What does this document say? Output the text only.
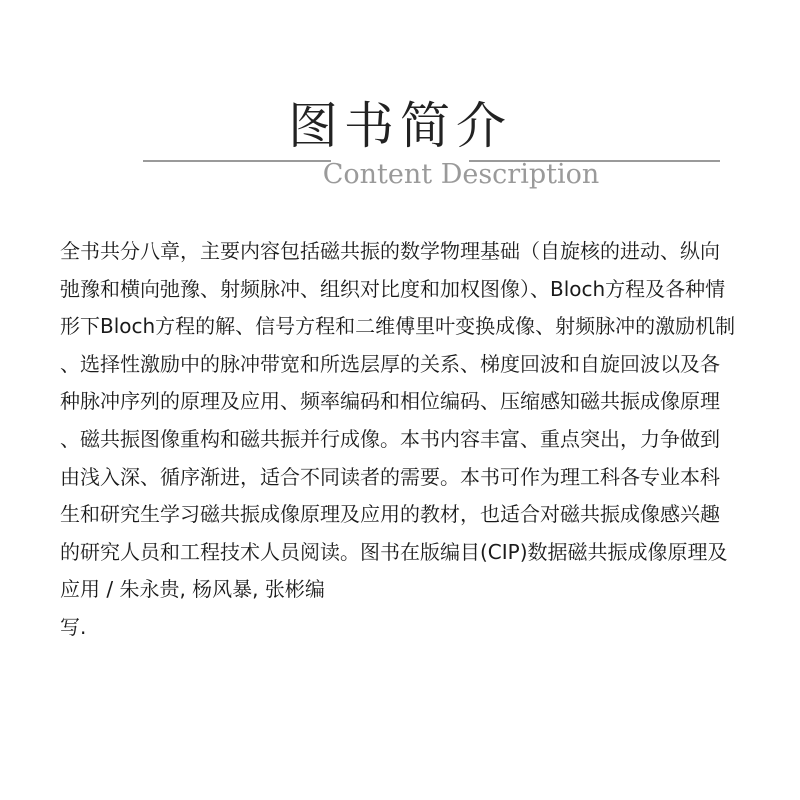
图书简介
Content Description
全书共分八章，主要内容包括磁共振的数学物理基础（自旋核的进动、纵向
弛豫和横向弛豫、射频脉冲、组织对比度和加权图像）、Bloch方程及各种情
形下Bloch方程的解、信号方程和二维傅里叶变换成像、射频脉冲的激励机制
、选择性激励中的脉冲带宽和所选层厚的关系、梯度回波和自旋回波以及各
种脉冲序列的原理及应用、频率编码和相位编码、压缩感知磁共振成像原理
、磁共振图像重构和磁共振并行成像。本书内容丰富、重点突出，力争做到
由浅入深、循序渐进，适合不同读者的需要。本书可作为理工科各专业本科
生和研究生学习磁共振成像原理及应用的教材，也适合对磁共振成像感兴趣
的研究人员和工程技术人员阅读。图书在版编目(CIP)数据磁共振成像原理及
应用 / 朱永贵, 杨风暴, 张彬编
写.
